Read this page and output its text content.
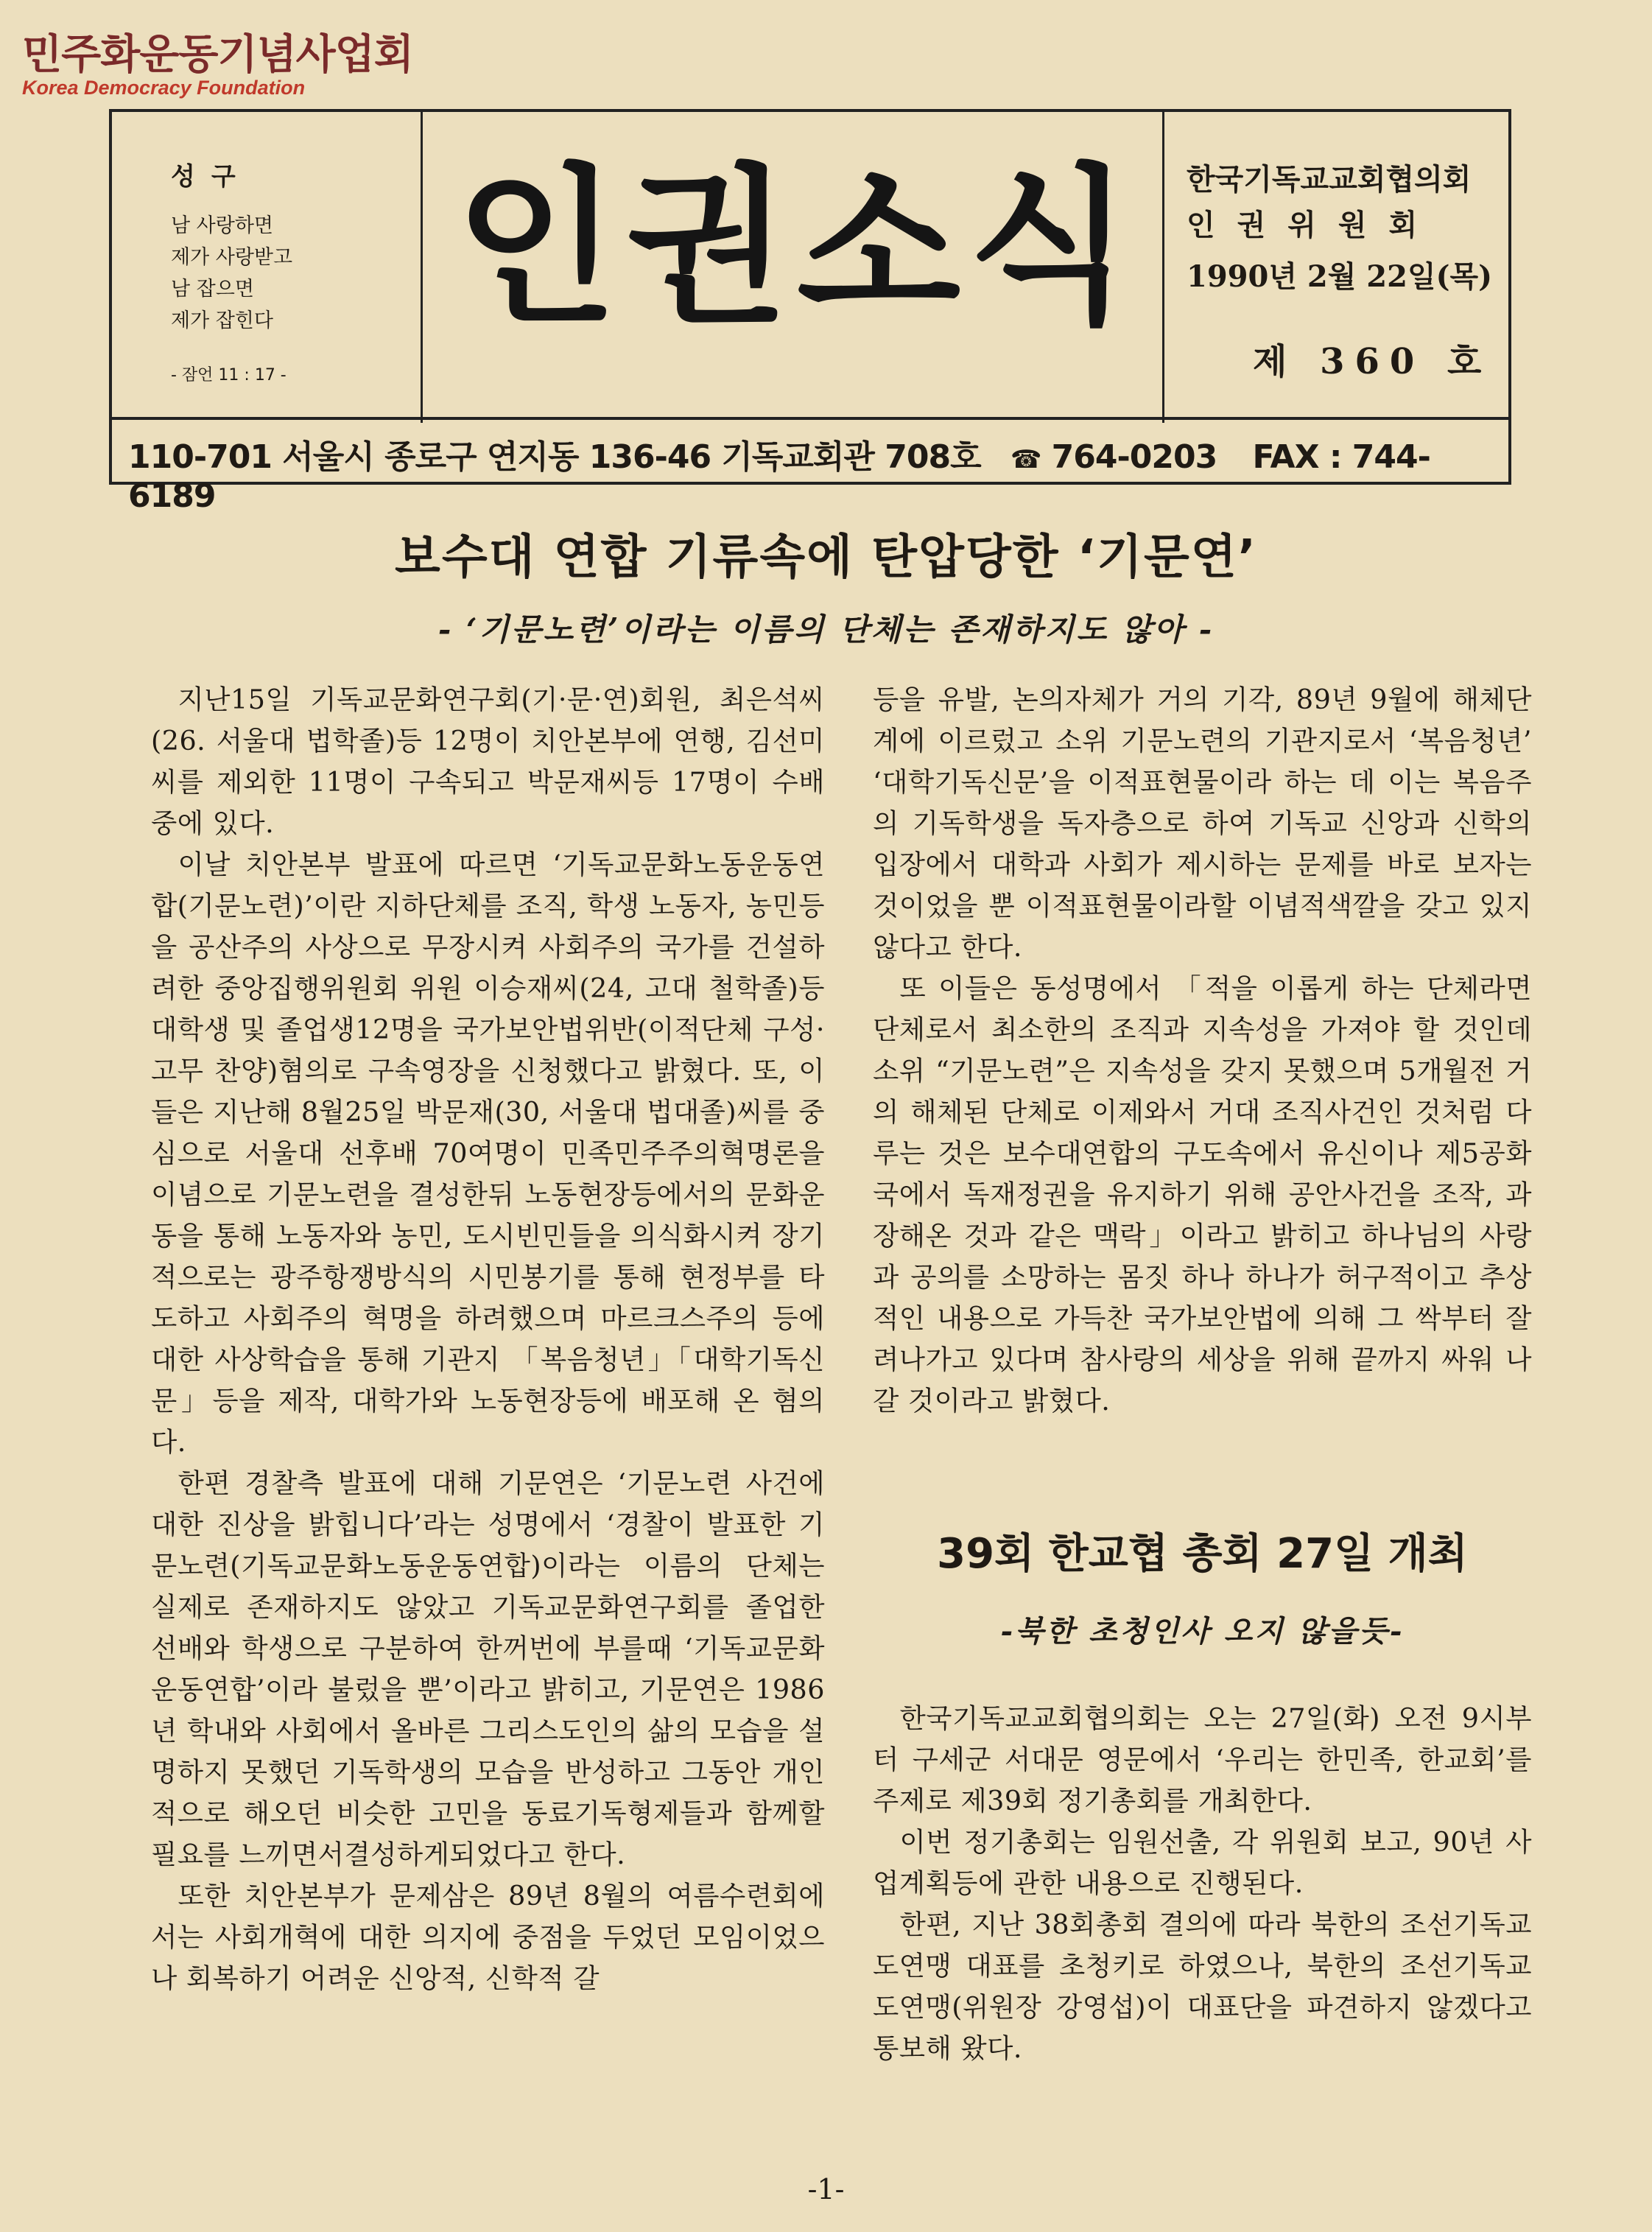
민주화운동기념사업회
Korea Democracy Foundation
성구
남 사랑하면
제가 사랑받고
남 잡으면
제가 잡힌다
- 잠언 11 : 17 -
인권소식	한국기독교교회협의회
인권위원회
1990년 2월 22일(목)
제 360 호
110-701 서울시 종로구 연지동 136-46 기독교회관 708호 ☎ 764-0203 FAX : 744-6189
보수대 연합 기류속에 탄압당한 ‘기문연’
- ‘기문노련’이라는 이름의 단체는 존재하지도 않아 -

지난15일 기독교문화연구회(기·문·연)회원, 최은석씨(26. 서울대 법학졸)등 12명이 치안본부에 연행, 김선미씨를 제외한 11명이 구속되고 박문재씨등 17명이 수배중에 있다.

이날 치안본부 발표에 따르면 ‘기독교문화노동운동연합(기문노련)’이란 지하단체를 조직, 학생 노동자, 농민등을 공산주의 사상으로 무장시켜 사회주의 국가를 건설하려한 중앙집행위원회 위원 이승재씨(24, 고대 철학졸)등 대학생 및 졸업생12명을 국가보안법위반(이적단체 구성·고무 찬양)혐의로 구속영장을 신청했다고 밝혔다. 또, 이들은 지난해 8월25일 박문재(30, 서울대 법대졸)씨를 중심으로 서울대 선후배 70여명이 민족민주주의혁명론을 이념으로 기문노련을 결성한뒤 노동현장등에서의 문화운동을 통해 노동자와 농민, 도시빈민들을 의식화시켜 장기적으로는 광주항쟁방식의 시민봉기를 통해 현정부를 타도하고 사회주의 혁명을 하려했으며 마르크스주의 등에 대한 사상학습을 통해 기관지 「복음청년」「대학기독신문」등을 제작, 대학가와 노동현장등에 배포해 온 혐의다.

한편 경찰측 발표에 대해 기문연은 ‘기문노련 사건에 대한 진상을 밝힙니다’라는 성명에서 ‘경찰이 발표한 기문노련(기독교문화노동운동연합)이라는 이름의 단체는 실제로 존재하지도 않았고 기독교문화연구회를 졸업한 선배와 학생으로 구분하여 한꺼번에 부를때 ‘기독교문화운동연합’이라 불렀을 뿐’이라고 밝히고, 기문연은 1986년 학내와 사회에서 올바른 그리스도인의 삶의 모습을 설명하지 못했던 기독학생의 모습을 반성하고 그동안 개인적으로 해오던 비슷한 고민을 동료기독형제들과 함께할 필요를 느끼면서결성하게되었다고 한다.

또한 치안본부가 문제삼은 89년 8월의 여름수련회에서는 사회개혁에 대한 의지에 중점을 두었던 모임이었으나 회복하기 어려운 신앙적, 신학적 갈

등을 유발, 논의자체가 거의 기각, 89년 9월에 해체단계에 이르렀고 소위 기문노련의 기관지로서 ‘복음청년’ ‘대학기독신문’을 이적표현물이라 하는 데 이는 복음주의 기독학생을 독자층으로 하여 기독교 신앙과 신학의 입장에서 대학과 사회가 제시하는 문제를 바로 보자는 것이었을 뿐 이적표현물이라할 이념적색깔을 갖고 있지 않다고 한다.

또 이들은 동성명에서 「적을 이롭게 하는 단체라면 단체로서 최소한의 조직과 지속성을 가져야 할 것인데 소위 “기문노련”은 지속성을 갖지 못했으며 5개월전 거의 해체된 단체로 이제와서 거대 조직사건인 것처럼 다루는 것은 보수대연합의 구도속에서 유신이나 제5공화국에서 독재정권을 유지하기 위해 공안사건을 조작, 과장해온 것과 같은 맥락」이라고 밝히고 하나님의 사랑과 공의를 소망하는 몸짓 하나 하나가 허구적이고 추상적인 내용으로 가득찬 국가보안법에 의해 그 싹부터 잘려나가고 있다며 참사랑의 세상을 위해 끝까지 싸워 나갈 것이라고 밝혔다.

39회 한교협 총회 27일 개최
-북한 초청인사 오지 않을듯-

한국기독교교회협의회는 오는 27일(화) 오전 9시부터 구세군 서대문 영문에서 ‘우리는 한민족, 한교회’를 주제로 제39회 정기총회를 개최한다.

이번 정기총회는 임원선출, 각 위원회 보고, 90년 사업계획등에 관한 내용으로 진행된다.

한편, 지난 38회총회 결의에 따라 북한의 조선기독교도연맹 대표를 초청키로 하였으나, 북한의 조선기독교도연맹(위원장 강영섭)이 대표단을 파견하지 않겠다고 통보해 왔다.

-1-
